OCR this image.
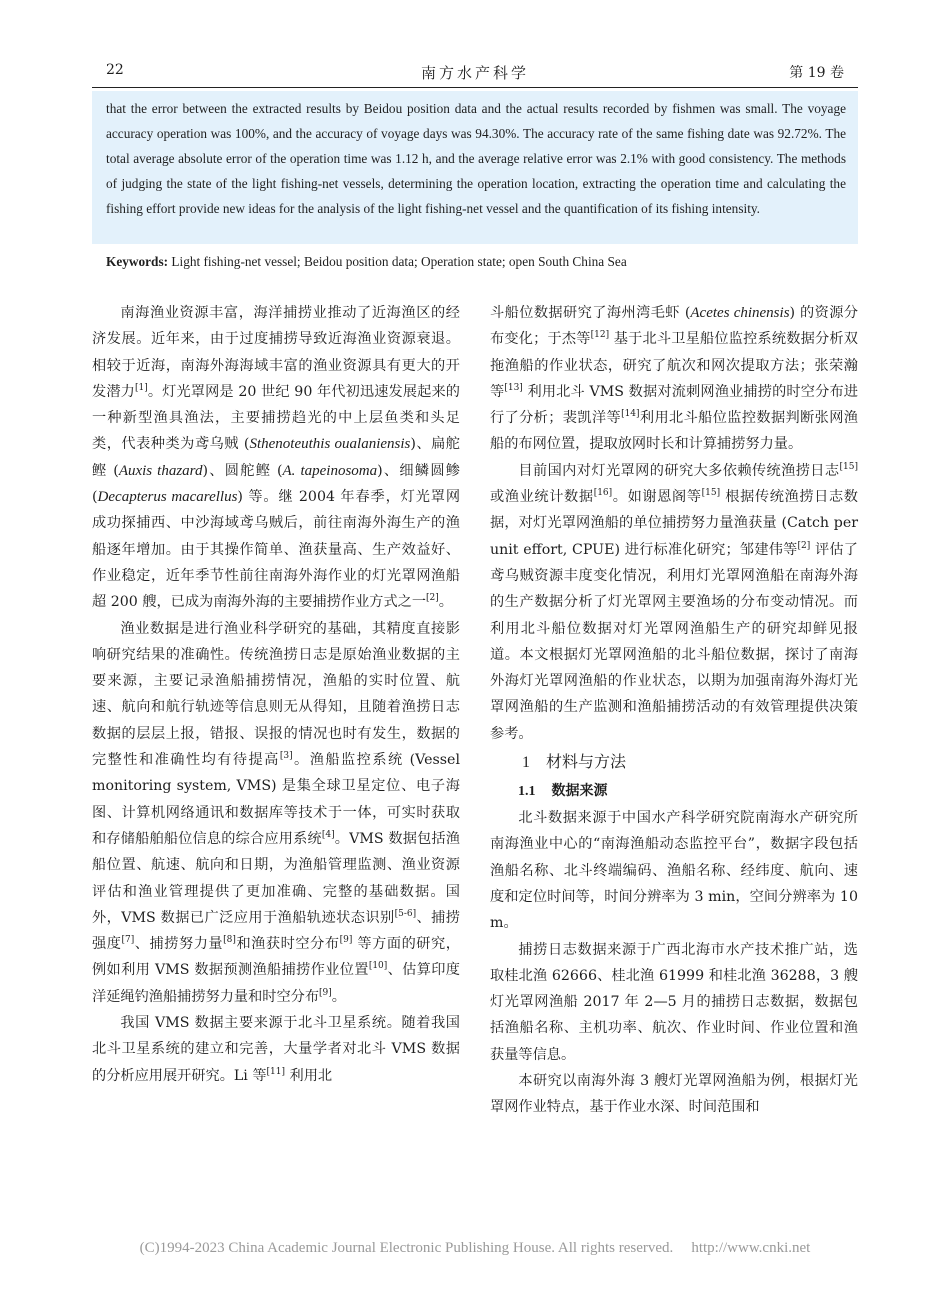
22	南方水产科学	第 19 卷

that the error between the extracted results by Beidou position data and the actual results recorded by fishmen was small. The voyage accuracy operation was 100%, and the accuracy of voyage days was 94.30%. The accuracy rate of the same fishing date was 92.72%. The total average absolute error of the operation time was 1.12 h, and the average relative error was 2.1% with good consistency. The methods of judging the state of the light fishing-net vessels, determining the operation location, extracting the operation time and calculating the fishing effort provide new ideas for the analysis of the light fishing-net vessel and the quantification of its fishing intensity.

Keywords: Light fishing-net vessel; Beidou position data; Operation state; open South China Sea

南海渔业资源丰富，海洋捕捞业推动了近海渔区的经济发展。近年来，由于过度捕捞导致近海渔业资源衰退。相较于近海，南海外海海域丰富的渔业资源具有更大的开发潜力[1]。灯光罩网是 20 世纪 90 年代初迅速发展起来的一种新型渔具渔法，主要捕捞趋光的中上层鱼类和头足类，代表种类为鸢乌贼 (Sthenoteuthis oualaniensis)、扁舵鲣 (Auxis thazard)、圆舵鲣 (A. tapeinosoma)、细鳞圆鲹 (Decapterus macarellus) 等。继 2004 年春季，灯光罩网成功探捕西、中沙海域鸢乌贼后，前往南海外海生产的渔船逐年增加。由于其操作简单、渔获量高、生产效益好、作业稳定，近年季节性前往南海外海作业的灯光罩网渔船超 200 艘，已成为南海外海的主要捕捞作业方式之一[2]。

渔业数据是进行渔业科学研究的基础，其精度直接影响研究结果的准确性。传统渔捞日志是原始渔业数据的主要来源，主要记录渔船捕捞情况，渔船的实时位置、航速、航向和航行轨迹等信息则无从得知，且随着渔捞日志数据的层层上报，错报、误报的情况也时有发生，数据的完整性和准确性均有待提高[3]。渔船监控系统 (Vessel monitoring system, VMS) 是集全球卫星定位、电子海图、计算机网络通讯和数据库等技术于一体，可实时获取和存储船舶船位信息的综合应用系统[4]。VMS 数据包括渔船位置、航速、航向和日期，为渔船管理监测、渔业资源评估和渔业管理提供了更加准确、完整的基础数据。国外，VMS 数据已广泛应用于渔船轨迹状态识别[5-6]、捕捞强度[7]、捕捞努力量[8]和渔获时空分布[9] 等方面的研究，例如利用 VMS 数据预测渔船捕捞作业位置[10]、估算印度洋延绳钓渔船捕捞努力量和时空分布[9]。

我国 VMS 数据主要来源于北斗卫星系统。随着我国北斗卫星系统的建立和完善，大量学者对北斗 VMS 数据的分析应用展开研究。Li 等[11] 利用北

斗船位数据研究了海州湾毛虾 (Acetes chinensis) 的资源分布变化；于杰等[12] 基于北斗卫星船位监控系统数据分析双拖渔船的作业状态，研究了航次和网次提取方法；张荣瀚等[13] 利用北斗 VMS 数据对流刺网渔业捕捞的时空分布进行了分析；裴凯洋等[14]利用北斗船位监控数据判断张网渔船的布网位置，提取放网时长和计算捕捞努力量。

目前国内对灯光罩网的研究大多依赖传统渔捞日志[15] 或渔业统计数据[16]。如谢恩阁等[15] 根据传统渔捞日志数据，对灯光罩网渔船的单位捕捞努力量渔获量 (Catch per unit effort, CPUE) 进行标准化研究；邹建伟等[2] 评估了鸢乌贼资源丰度变化情况，利用灯光罩网渔船在南海外海的生产数据分析了灯光罩网主要渔场的分布变动情况。而利用北斗船位数据对灯光罩网渔船生产的研究却鲜见报道。本文根据灯光罩网渔船的北斗船位数据，探讨了南海外海灯光罩网渔船的作业状态，以期为加强南海外海灯光罩网渔船的生产监测和渔船捕捞活动的有效管理提供决策参考。

1 材料与方法

1.1 数据来源

北斗数据来源于中国水产科学研究院南海水产研究所南海渔业中心的“南海渔船动态监控平台”，数据字段包括渔船名称、北斗终端编码、渔船名称、经纬度、航向、速度和定位时间等，时间分辨率为 3 min，空间分辨率为 10 m。

捕捞日志数据来源于广西北海市水产技术推广站，选取桂北渔 62666、桂北渔 61999 和桂北渔 36288，3 艘灯光罩网渔船 2017 年 2—5 月的捕捞日志数据，数据包括渔船名称、主机功率、航次、作业时间、作业位置和渔获量等信息。

本研究以南海外海 3 艘灯光罩网渔船为例，根据灯光罩网作业特点，基于作业水深、时间范围和

(C)1994-2023 China Academic Journal Electronic Publishing House. All rights reserved. http://www.cnki.net
